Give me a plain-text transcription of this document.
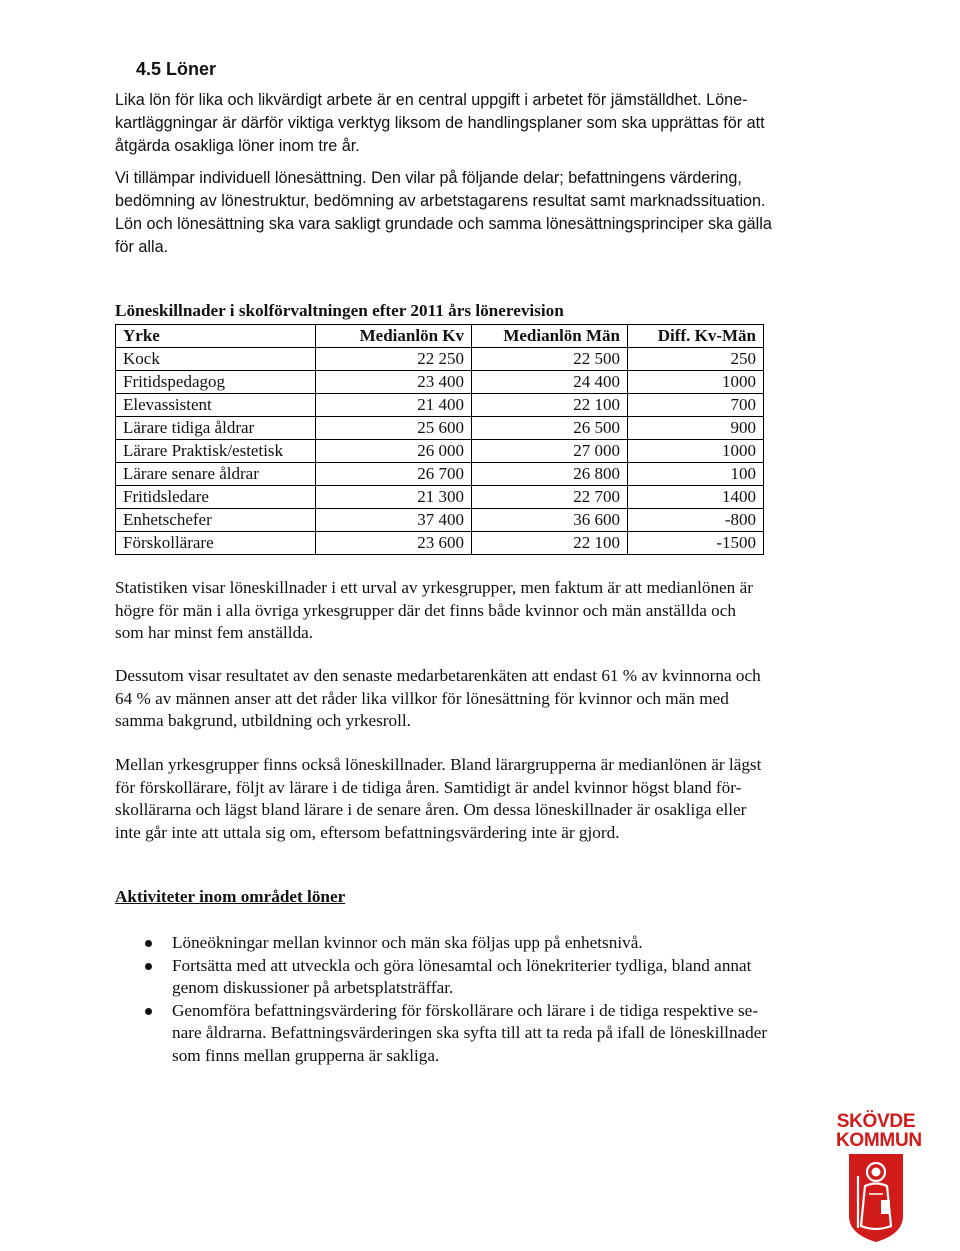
4.5 Löner

Lika lön för lika och likvärdigt arbete är en central uppgift i arbetet för jämställdhet. Löne-
kartläggningar är därför viktiga verktyg liksom de handlingsplaner som ska upprättas för att
åtgärda osakliga löner inom tre år.

Vi tillämpar individuell lönesättning. Den vilar på följande delar; befattningens värdering,
bedömning av lönestruktur, bedömning av arbetstagarens resultat samt marknadssituation.
Lön och lönesättning ska vara sakligt grundade och samma lönesättningsprinciper ska gälla
för alla.

Löneskillnader i skolförvaltningen efter 2011 års lönerevision

Yrke	Medianlön Kv	Medianlön Män	Diff. Kv-Män
Kock	22 250	22 500	250
Fritidspedagog	23 400	24 400	1000
Elevassistent	21 400	22 100	700
Lärare tidiga åldrar	25 600	26 500	900
Lärare Praktisk/estetisk	26 000	27 000	1000
Lärare senare åldrar	26 700	26 800	100
Fritidsledare	21 300	22 700	1400
Enhetschefer	37 400	36 600	-800
Förskollärare	23 600	22 100	-1500

Statistiken visar löneskillnader i ett urval av yrkesgrupper, men faktum är att medianlönen är
högre för män i alla övriga yrkesgrupper där det finns både kvinnor och män anställda och
som har minst fem anställda.

Dessutom visar resultatet av den senaste medarbetarenkäten att endast 61 % av kvinnorna och
64 % av männen anser att det råder lika villkor för lönesättning för kvinnor och män med
samma bakgrund, utbildning och yrkesroll.

Mellan yrkesgrupper finns också löneskillnader. Bland lärargrupperna är medianlönen är lägst
för förskollärare, följt av lärare i de tidiga åren. Samtidigt är andel kvinnor högst bland för-
skollärarna och lägst bland lärare i de senare åren. Om dessa löneskillnader är osakliga eller
inte går inte att uttala sig om, eftersom befattningsvärdering inte är gjord.

Aktiviteter inom området löner

Löneökningar mellan kvinnor och män ska följas upp på enhetsnivå.
Fortsätta med att utveckla och göra lönesamtal och lönekriterier tydliga, bland annat
genom diskussioner på arbetsplatsträffar.
Genomföra befattningsvärdering för förskollärare och lärare i de tidiga respektive se-
nare åldrarna. Befattningsvärderingen ska syfta till att ta reda på ifall de löneskillnader
som finns mellan grupperna är sakliga.

SKÖVDE

KOMMUN
